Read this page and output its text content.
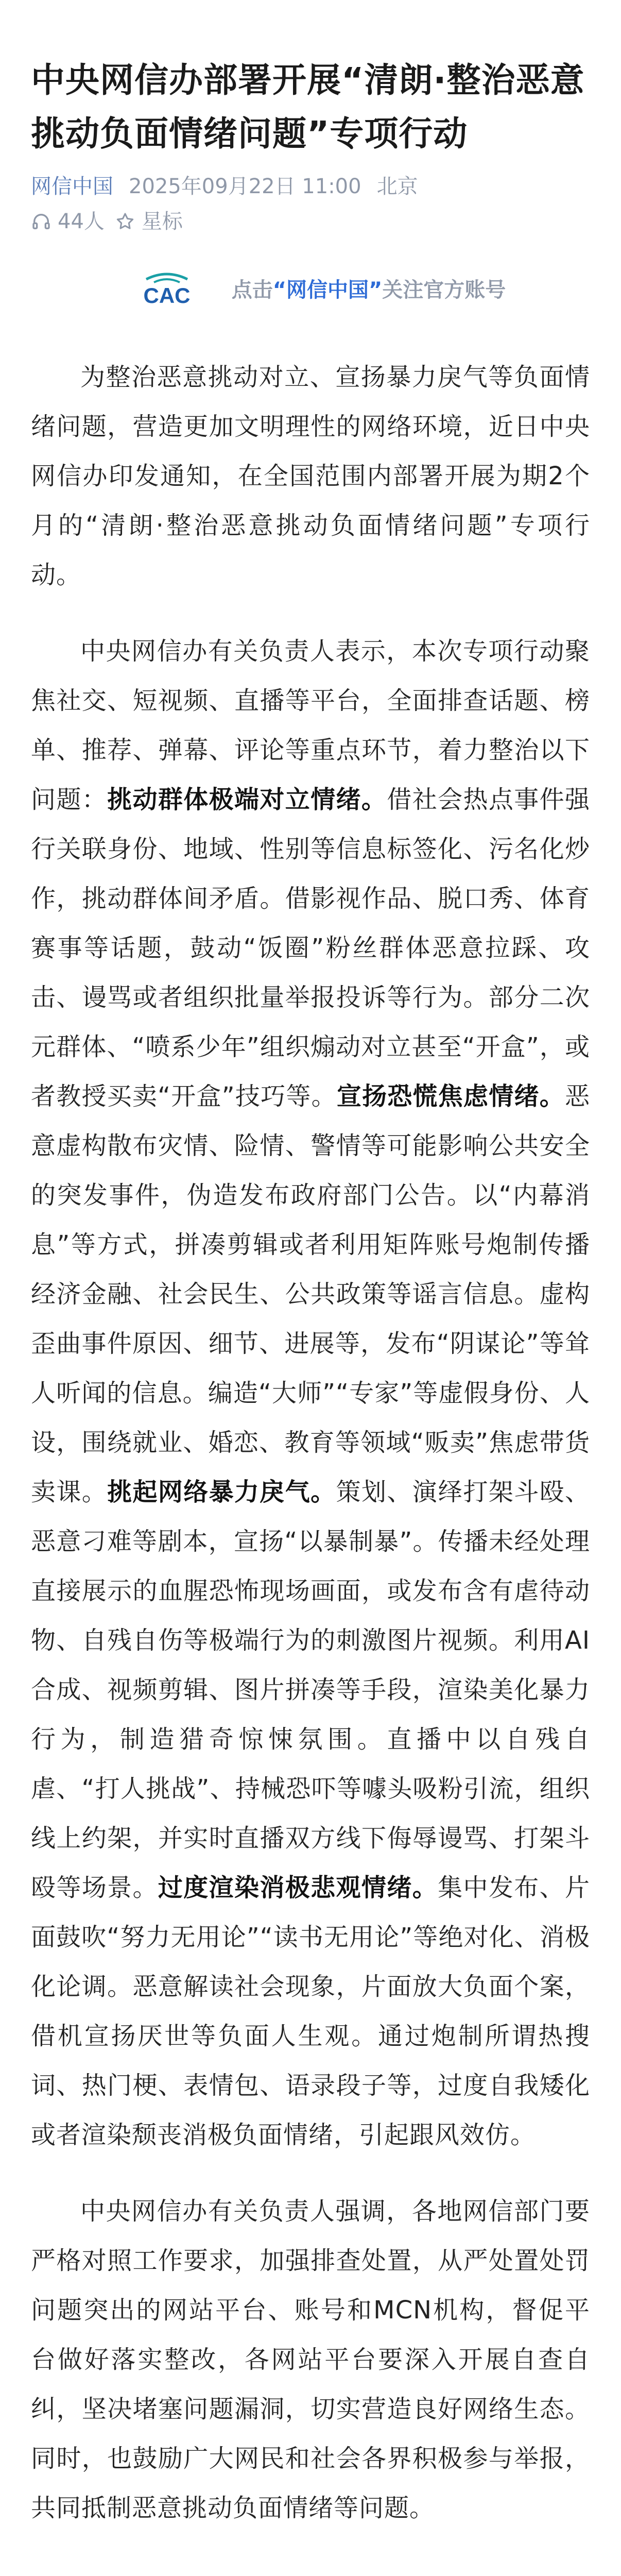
中央网信办部署开展“清朗·整治恶意挑动负面情绪问题”专项行动
网信中国 2025年09月22日 11:00 北京
44人 星标
CAC 点击“网信中国”关注官方账号

为整治恶意挑动对立、宣扬暴力戾气等负面情绪问题，营造更加文明理性的网络环境，近日中央网信办印发通知，在全国范围内部署开展为期2个月的“清朗·整治恶意挑动负面情绪问题”专项行动。

中央网信办有关负责人表示，本次专项行动聚焦社交、短视频、直播等平台，全面排查话题、榜单、推荐、弹幕、评论等重点环节，着力整治以下问题：挑动群体极端对立情绪。借社会热点事件强行关联身份、地域、性别等信息标签化、污名化炒作，挑动群体间矛盾。借影视作品、脱口秀、体育赛事等话题，鼓动“饭圈”粉丝群体恶意拉踩、攻击、谩骂或者组织批量举报投诉等行为。部分二次元群体、“喷系少年”组织煽动对立甚至“开盒”，或者教授买卖“开盒”技巧等。宣扬恐慌焦虑情绪。恶意虚构散布灾情、险情、警情等可能影响公共安全的突发事件，伪造发布政府部门公告。以“内幕消息”等方式，拼凑剪辑或者利用矩阵账号炮制传播经济金融、社会民生、公共政策等谣言信息。虚构歪曲事件原因、细节、进展等，发布“阴谋论”等耸人听闻的信息。编造“大师”“专家”等虚假身份、人设，围绕就业、婚恋、教育等领域“贩卖”焦虑带货卖课。挑起网络暴力戾气。策划、演绎打架斗殴、恶意刁难等剧本，宣扬“以暴制暴”。传播未经处理直接展示的血腥恐怖现场画面，或发布含有虐待动物、自残自伤等极端行为的刺激图片视频。利用AI合成、视频剪辑、图片拼凑等手段，渲染美化暴力行为，制造猎奇惊悚氛围。直播中以自残自虐、“打人挑战”、持械恐吓等噱头吸粉引流，组织线上约架，并实时直播双方线下侮辱谩骂、打架斗殴等场景。过度渲染消极悲观情绪。集中发布、片面鼓吹“努力无用论”“读书无用论”等绝对化、消极化论调。恶意解读社会现象，片面放大负面个案，借机宣扬厌世等负面人生观。通过炮制所谓热搜词、热门梗、表情包、语录段子等，过度自我矮化或者渲染颓丧消极负面情绪，引起跟风效仿。

中央网信办有关负责人强调，各地网信部门要严格对照工作要求，加强排查处置，从严处置处罚问题突出的网站平台、账号和MCN机构，督促平台做好落实整改，各网站平台要深入开展自查自纠，坚决堵塞问题漏洞，切实营造良好网络生态。同时，也鼓励广大网民和社会各界积极参与举报，共同抵制恶意挑动负面情绪等问题。
